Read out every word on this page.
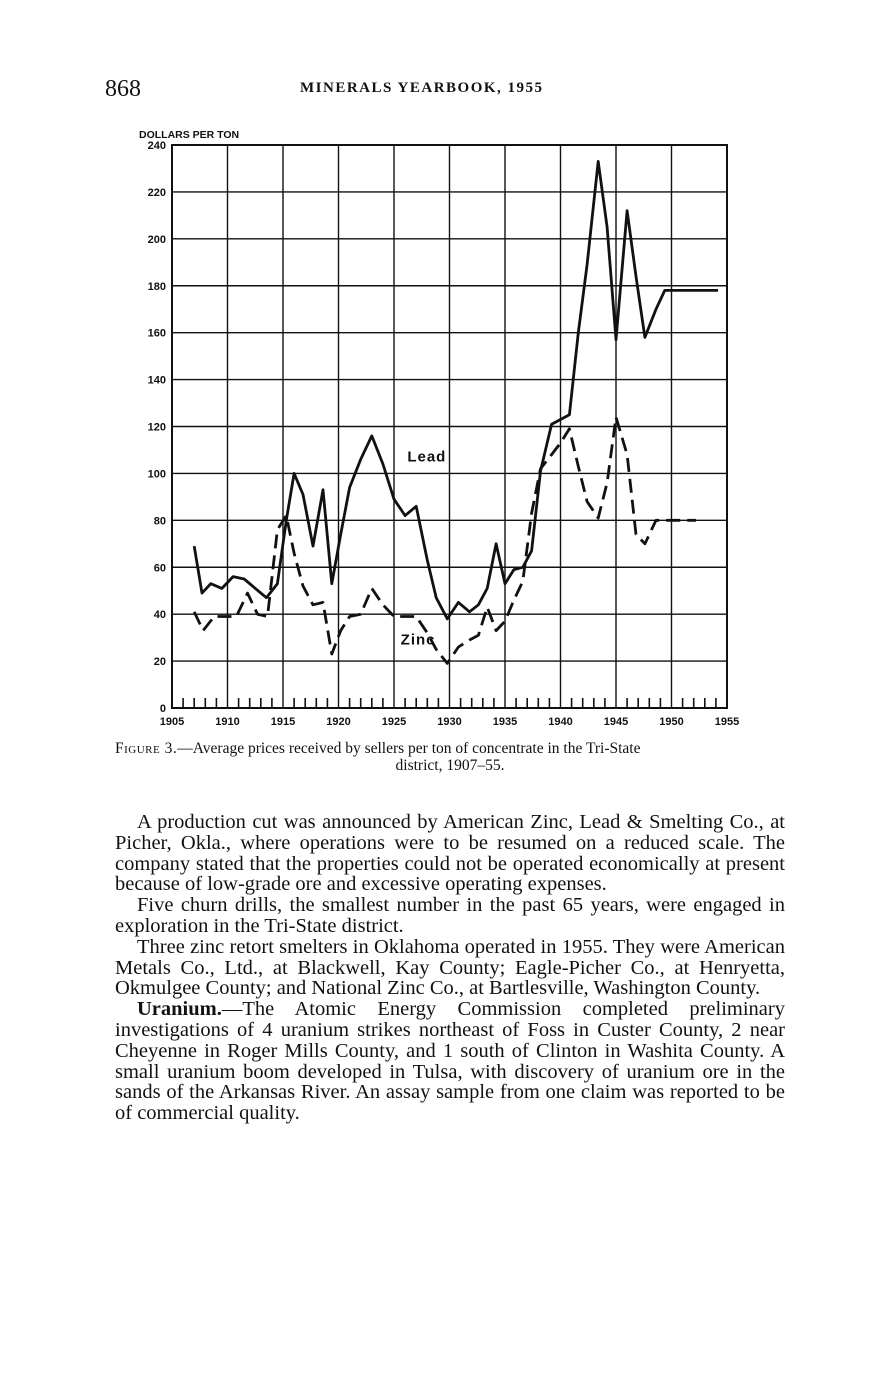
868	MINERALS YEARBOOK, 1955
0
20
40
60
80
100
120
140
160
180
200
220
240
1905	1910	1915	1920	1925	1930	1935	1940	1945	1950	1955
DOLLARS PER TON
Lead
Zinc
Figure 3.—Average prices received by sellers per ton of concentrate in the Tri-State
district, 1907–55.

A production cut was announced by American Zinc, Lead & Smelting Co., at Picher, Okla., where operations were to be resumed on a reduced scale. The company stated that the properties could not be operated economically at present because of low-grade ore and excessive operating expenses.

Five churn drills, the smallest number in the past 65 years, were engaged in exploration in the Tri-State district.

Three zinc retort smelters in Oklahoma operated in 1955. They were American Metals Co., Ltd., at Blackwell, Kay County; Eagle-Picher Co., at Henryetta, Okmulgee County; and National Zinc Co., at Bartlesville, Washington County.

Uranium.—The Atomic Energy Commission completed preliminary investigations of 4 uranium strikes northeast of Foss in Custer County, 2 near Cheyenne in Roger Mills County, and 1 south of Clinton in Washita County. A small uranium boom developed in Tulsa, with discovery of uranium ore in the sands of the Arkansas River. An assay sample from one claim was reported to be of commercial quality.
